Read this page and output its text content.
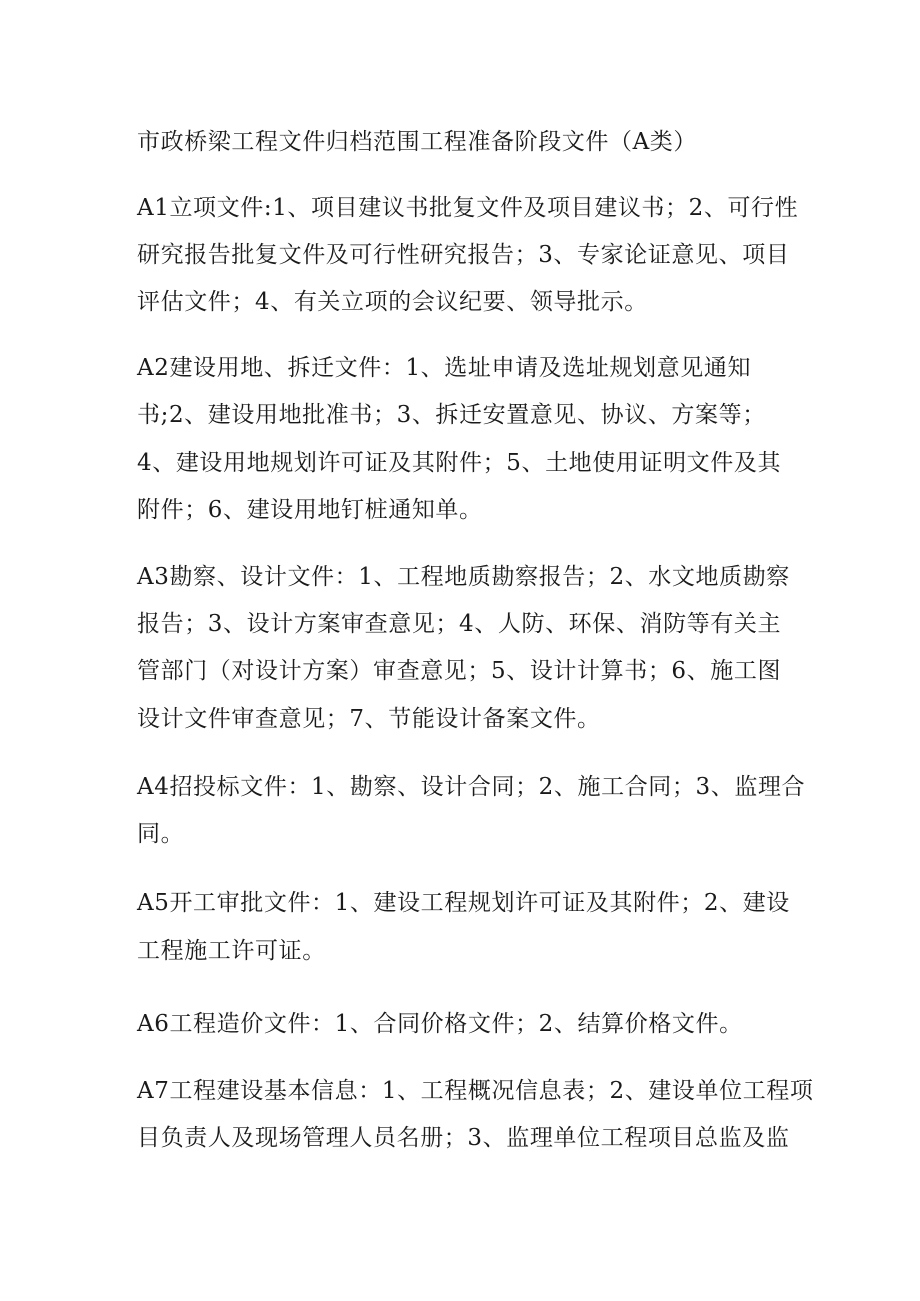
市政桥梁工程文件归档范围工程准备阶段文件（A类）
A1立项文件:1、项目建议书批复文件及项目建议书；2、可行性
研究报告批复文件及可行性研究报告；3、专家论证意见、项目
评估文件；4、有关立项的会议纪要、领导批示。
A2建设用地、拆迁文件：1、选址申请及选址规划意见通知
书;2、建设用地批准书；3、拆迁安置意见、协议、方案等；
4、建设用地规划许可证及其附件；5、土地使用证明文件及其
附件；6、建设用地钉桩通知单。
A3勘察、设计文件：1、工程地质勘察报告；2、水文地质勘察
报告；3、设计方案审查意见；4、人防、环保、消防等有关主
管部门（对设计方案）审查意见；5、设计计算书；6、施工图
设计文件审查意见；7、节能设计备案文件。
A4招投标文件：1、勘察、设计合同；2、施工合同；3、监理合
同。
A5开工审批文件：1、建设工程规划许可证及其附件；2、建设
工程施工许可证。
A6工程造价文件：1、合同价格文件；2、结算价格文件。
A7工程建设基本信息：1、工程概况信息表；2、建设单位工程项
目负责人及现场管理人员名册；3、监理单位工程项目总监及监
